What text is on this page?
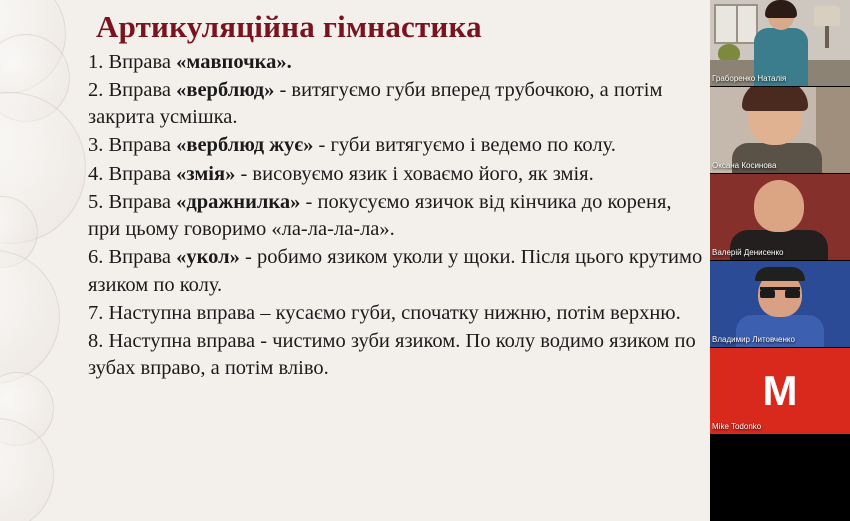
Артикуляційна гімнастика
1. Вправа «мавпочка».
2. Вправа «верблюд» - витягуємо губи вперед трубочкою, а потім закрита усмішка.
3. Вправа «верблюд жує» - губи витягуємо і ведемо по колу.
4. Вправа «змія» - висовуємо язик і ховаємо його, як змія.
5. Вправа «дражнилка» - покусуємо язичок від кінчика до кореня, при цьому говоримо «ла-ла-ла-ла».
6. Вправа «укол» - робимо язиком уколи у щоки. Після цього крутимо язиком по колу.
7. Наступна вправа – кусаємо губи, спочатку нижню, потім верхню.
8. Наступна вправа - чистимо зуби язиком. По колу водимо язиком по зубах вправо, а потім вліво.
Граборенко Наталія
Оксана Косинова
Валерій Денисенко
Владимир Литовченко
M
Mike Todonko
